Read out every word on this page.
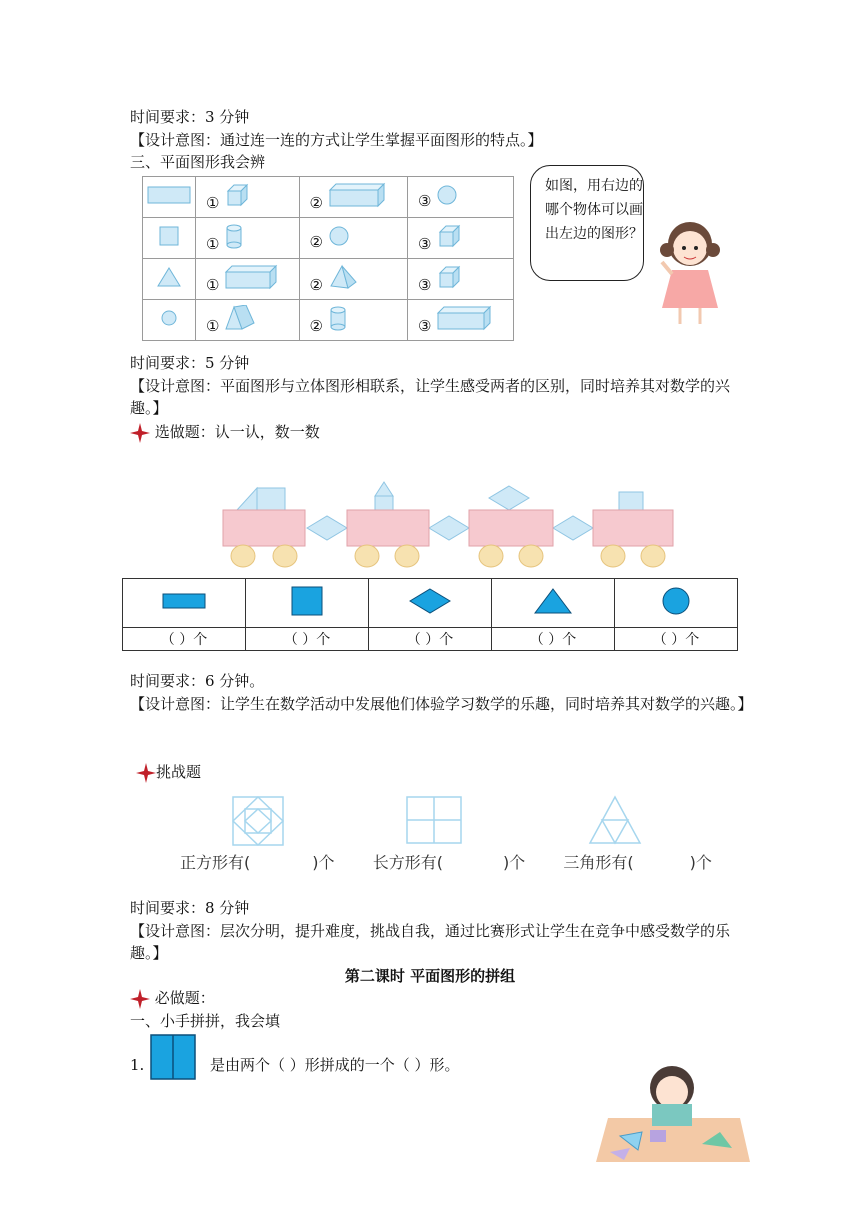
时间要求：3 分钟
【设计意图：通过连一连的方式让学生掌握平面图形的特点。】
三、平面图形我会辨
	①	②	③
	①	②	③
	①	②	③
	①	②	③
如图，用右边的哪个物体可以画出左边的图形？
时间要求：5 分钟
【设计意图：平面图形与立体图形相联系，让学生感受两者的区别，同时培养其对数学的兴趣。】
选做题：认一认，数一数

（ ）个	（ ）个	（ ）个	（ ）个	（ ）个
时间要求：6 分钟。
【设计意图：让学生在数学活动中发展他们体验学习数学的乐趣，同时培养其对数学的兴趣。】
挑战题
正方形有(	)个 长方形有(	)个 三角形有(	)个
时间要求：8 分钟
【设计意图：层次分明，提升难度，挑战自我，通过比赛形式让学生在竞争中感受数学的乐趣。】
第二课时 平面图形的拼组
必做题：
一、小手拼拼，我会填
1.	是由两个（ ）形拼成的一个（ ）形。
